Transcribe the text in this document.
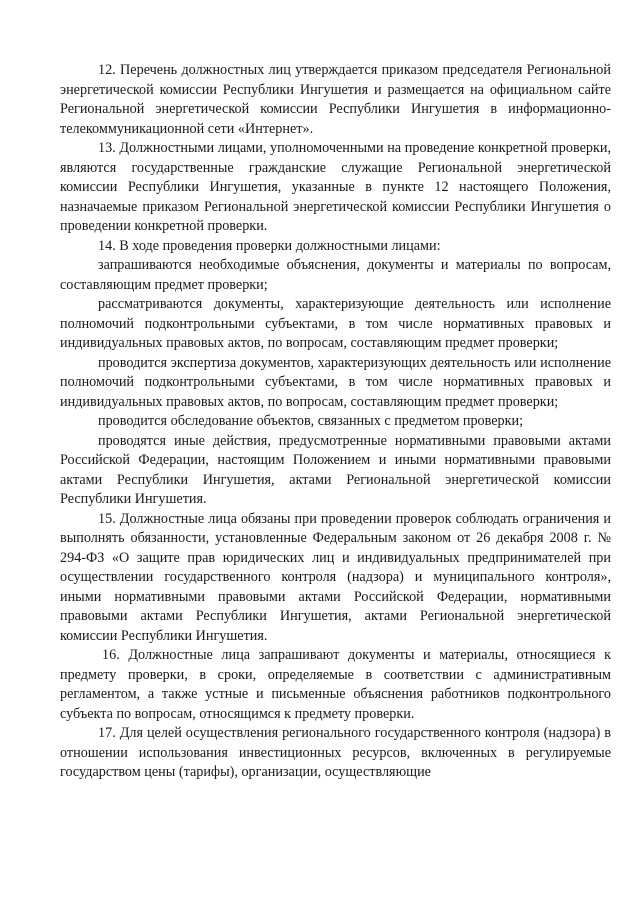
12. Перечень должностных лиц утверждается приказом председателя Региональной энергетической комиссии Республики Ингушетия и размещается на официальном сайте Региональной энергетической комиссии Республики Ингушетия в информационно-телекоммуникационной сети «Интернет».

13. Должностными лицами, уполномоченными на проведение конкретной проверки, являются государственные гражданские служащие Региональной энергетической комиссии Республики Ингушетия, указанные в пункте 12 настоящего Положения, назначаемые приказом Региональной энергетической комиссии Республики Ингушетия о проведении конкретной проверки.

14. В ходе проведения проверки должностными лицами:

запрашиваются необходимые объяснения, документы и материалы по вопросам, составляющим предмет проверки;

рассматриваются документы, характеризующие деятельность или исполнение полномочий подконтрольными субъектами, в том числе нормативных правовых и индивидуальных правовых актов, по вопросам, составляющим предмет проверки;

проводится экспертиза документов, характеризующих деятельность или исполнение полномочий подконтрольными субъектами, в том числе нормативных правовых и индивидуальных правовых актов, по вопросам, составляющим предмет проверки;

проводится обследование объектов, связанных с предметом проверки;

проводятся иные действия, предусмотренные нормативными правовыми актами Российской Федерации, настоящим Положением и иными нормативными правовыми актами Республики Ингушетия, актами Региональной энергетической комиссии Республики Ингушетия.

15. Должностные лица обязаны при проведении проверок соблюдать ограничения и выполнять обязанности, установленные Федеральным законом от 26 декабря 2008 г. № 294-ФЗ «О защите прав юридических лиц и индивидуальных предпринимателей при осуществлении государственного контроля (надзора) и муниципального контроля», иными нормативными правовыми актами Российской Федерации, нормативными правовыми актами Республики Ингушетия, актами Региональной энергетической комиссии Республики Ингушетия.

16. Должностные лица запрашивают документы и материалы, относящиеся к предмету проверки, в сроки, определяемые в соответствии с административным регламентом, а также устные и письменные объяснения работников подконтрольного субъекта по вопросам, относящимся к предмету проверки.

17. Для целей осуществления регионального государственного контроля (надзора) в отношении использования инвестиционных ресурсов, включенных в регулируемые государством цены (тарифы), организации, осуществляющие
